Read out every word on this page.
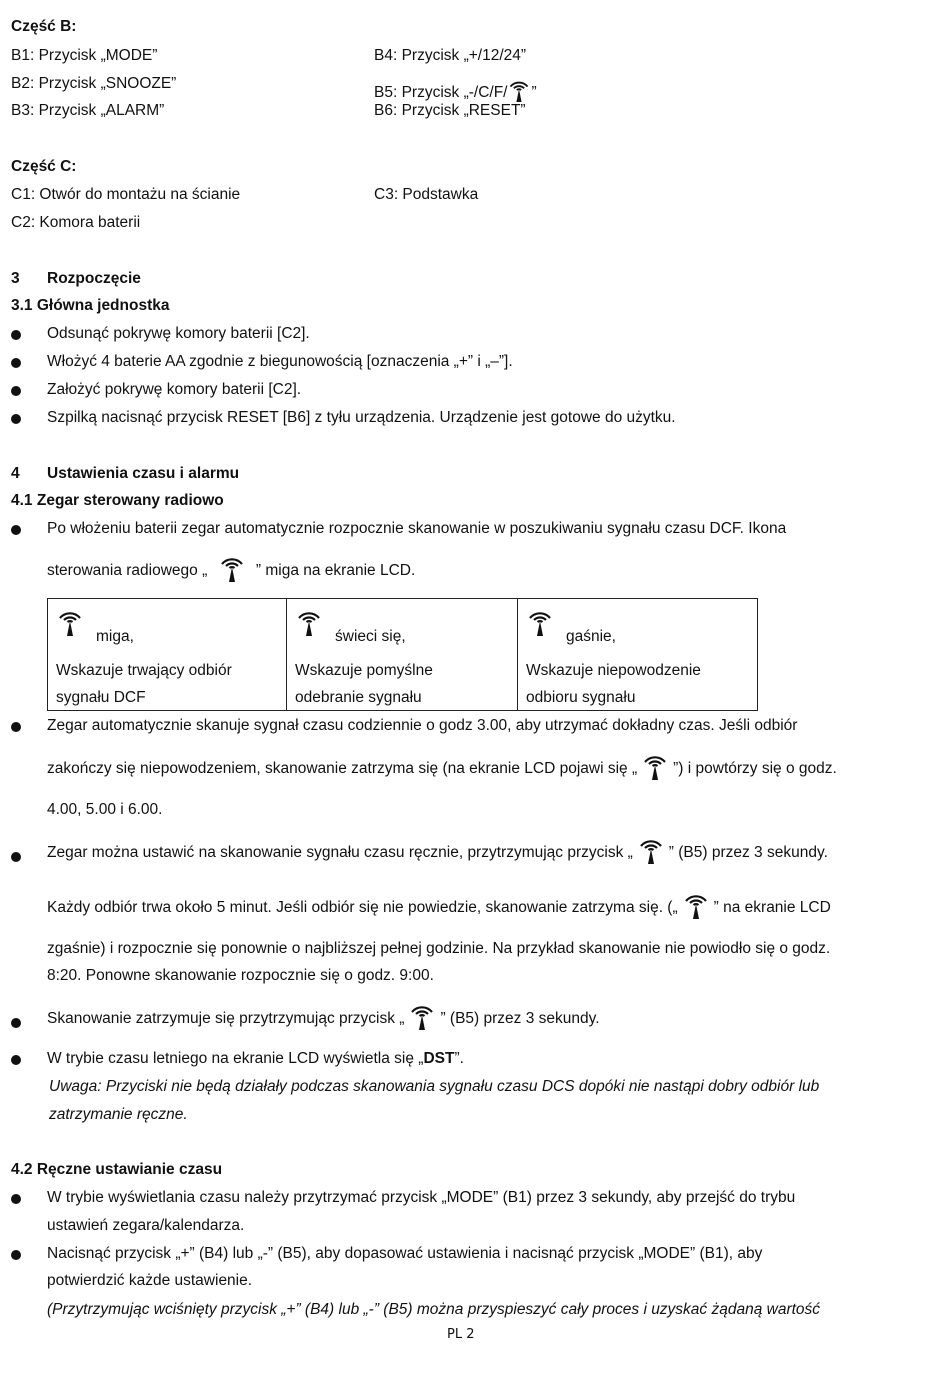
Część B:
B1: Przycisk „MODE”
B2: Przycisk „SNOOZE”
B3: Przycisk „ALARM”
B4: Przycisk „+/12/24”
B5: Przycisk „-/C/F/ ”
B6: Przycisk „RESET”
Część C:
C1: Otwór do montażu na ścianie
C2: Komora baterii
C3: Podstawka
3 Rozpoczęcie
3.1 Główna jednostka
Odsunąć pokrywę komory baterii [C2].
Włożyć 4 baterie AA zgodnie z biegunowością [oznaczenia „+” i „–”].
Założyć pokrywę komory baterii [C2].
Szpilką nacisnąć przycisk RESET [B6] z tyłu urządzenia. Urządzenie jest gotowe do użytku.
4 Ustawienia czasu i alarmu
4.1 Zegar sterowany radiowo
Po włożeniu baterii zegar automatycznie rozpocznie skanowanie w poszukiwaniu sygnału czasu DCF. Ikona
sterowania radiowego „	” miga na ekranie LCD.
miga,
Wskazuje trwający odbiór
sygnału DCF

świeci się,
Wskazuje pomyślne
odebranie sygnału

gaśnie,
Wskazuje niepowodzenie
odbioru sygnału
Zegar automatycznie skanuje sygnał czasu codziennie o godz 3.00, aby utrzymać dokładny czas. Jeśli odbiór
zakończy się niepowodzeniem, skanowanie zatrzyma się (na ekranie LCD pojawi się „ ”) i powtórzy się o godz.
4.00, 5.00 i 6.00.
Zegar można ustawić na skanowanie sygnału czasu ręcznie, przytrzymując przycisk „ ” (B5) przez 3 sekundy.
Każdy odbiór trwa około 5 minut. Jeśli odbiór się nie powiedzie, skanowanie zatrzyma się. („ ” na ekranie LCD
zgaśnie) i rozpocznie się ponownie o najbliższej pełnej godzinie. Na przykład skanowanie nie powiodło się o godz.
8:20. Ponowne skanowanie rozpocznie się o godz. 9:00.
Skanowanie zatrzymuje się przytrzymując przycisk „ ” (B5) przez 3 sekundy.
W trybie czasu letniego na ekranie LCD wyświetla się „DST”.
Uwaga: Przyciski nie będą działały podczas skanowania sygnału czasu DCS dopóki nie nastąpi dobry odbiór lub
zatrzymanie ręczne.
4.2 Ręczne ustawianie czasu
W trybie wyświetlania czasu należy przytrzymać przycisk „MODE” (B1) przez 3 sekundy, aby przejść do trybu
ustawień zegara/kalendarza.
Nacisnąć przycisk „+” (B4) lub „-” (B5), aby dopasować ustawienia i nacisnąć przycisk „MODE” (B1), aby
potwierdzić każde ustawienie.
(Przytrzymując wciśnięty przycisk „+” (B4) lub „-” (B5) można przyspieszyć cały proces i uzyskać żądaną wartość
PL 2
